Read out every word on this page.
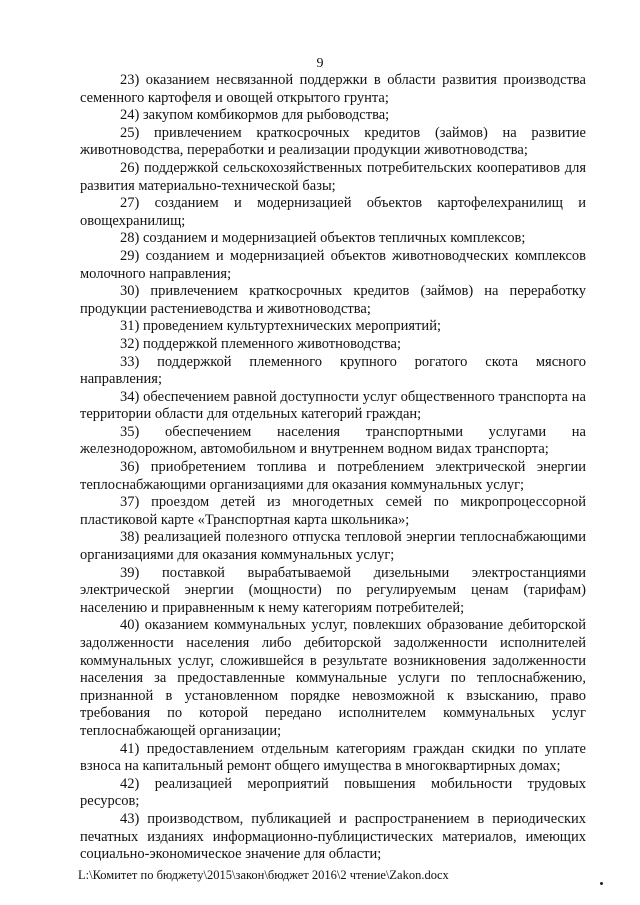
9

23) оказанием несвязанной поддержки в области развития производства семенного картофеля и овощей открытого грунта;

24) закупом комбикормов для рыбоводства;

25) привлечением краткосрочных кредитов (займов) на развитие животноводства, переработки и реализации продукции животноводства;

26) поддержкой сельскохозяйственных потребительских кооперативов для развития материально-технической базы;

27) созданием и модернизацией объектов картофелехранилищ и овощехранилищ;

28) созданием и модернизацией объектов тепличных комплексов;

29) созданием и модернизацией объектов животноводческих комплексов молочного направления;

30) привлечением краткосрочных кредитов (займов) на переработку продукции растениеводства и животноводства;

31) проведением культуртехнических мероприятий;

32) поддержкой племенного животноводства;

33) поддержкой племенного крупного рогатого скота мясного направления;

34) обеспечением равной доступности услуг общественного транспорта на территории области для отдельных категорий граждан;

35) обеспечением населения транспортными услугами на железнодорожном, автомобильном и внутреннем водном видах транспорта;

36) приобретением топлива и потреблением электрической энергии теплоснабжающими организациями для оказания коммунальных услуг;

37) проездом детей из многодетных семей по микропроцессорной пластиковой карте «Транспортная карта школьника»;

38) реализацией полезного отпуска тепловой энергии теплоснабжающими организациями для оказания коммунальных услуг;

39) поставкой вырабатываемой дизельными электростанциями электрической энергии (мощности) по регулируемым ценам (тарифам) населению и приравненным к нему категориям потребителей;

40) оказанием коммунальных услуг, повлекших образование дебиторской задолженности населения либо дебиторской задолженности исполнителей коммунальных услуг, сложившейся в результате возникновения задолженности населения за предоставленные коммунальные услуги по теплоснабжению, признанной в установленном порядке невозможной к взысканию, право требования по которой передано исполнителем коммунальных услуг теплоснабжающей организации;

41) предоставлением отдельным категориям граждан скидки по уплате взноса на капитальный ремонт общего имущества в многоквартирных домах;

42) реализацией мероприятий повышения мобильности трудовых ресурсов;

43) производством, публикацией и распространением в периодических печатных изданиях информационно-публицистических материалов, имеющих социально-экономическое значение для области;

L:\Комитет по бюджету\2015\закон\бюджет 2016\2 чтение\Zakon.docx
